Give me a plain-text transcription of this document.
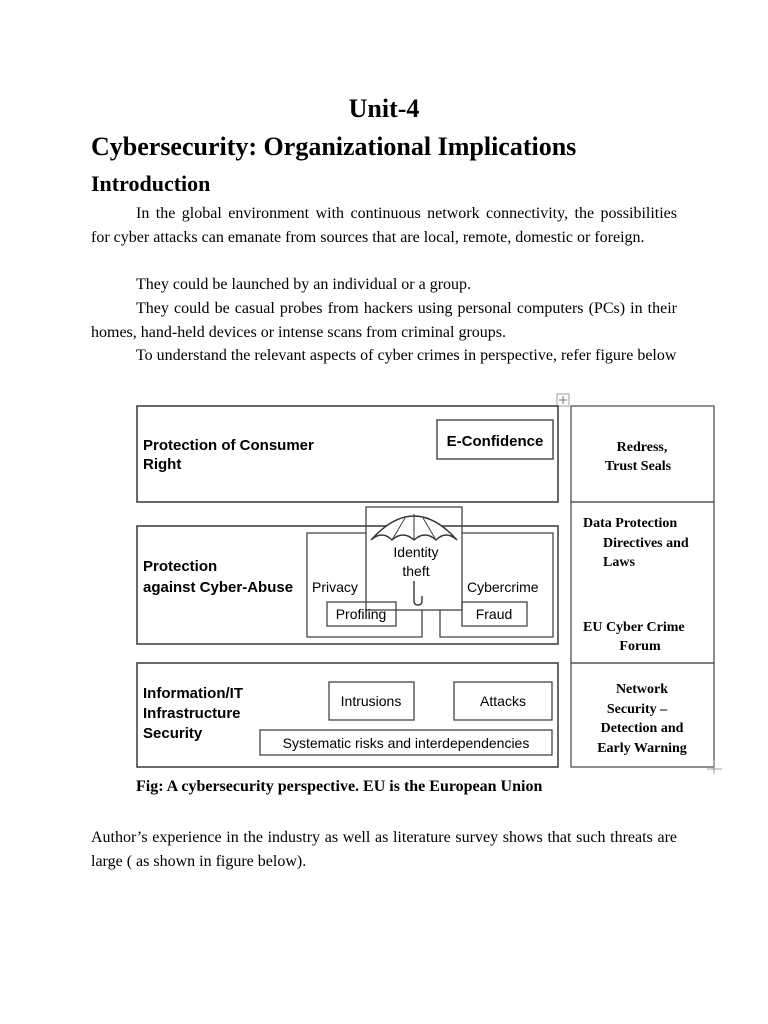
Unit-4
Cybersecurity: Organizational Implications
Introduction
In the global environment with continuous network connectivity, the possibilities for cyber attacks can emanate from sources that are local, remote, domestic or foreign.
They could be launched by an individual or a group.
They could be casual probes from hackers using personal computers (PCs) in their homes, hand-held devices or intense scans from criminal groups.
To understand the relevant aspects of cyber crimes in perspective, refer figure below
Protection of Consumer
Right
E-Confidence	Redress,
Trust Seals
Protection
against Cyber-Abuse
Identity
theft
Privacy	Cybercrime
Profiling	Fraud
Data Protection
Directives and
Laws
EU Cyber Crime
Forum
Information/IT
Infrastructure
Security
Intrusions	Attacks
Systematic risks and interdependencies
Network
Security –
Detection and
Early Warning
Fig: A cybersecurity perspective. EU is the European Union
Author’s experience in the industry as well as literature survey shows that such threats are large ( as shown in figure below).
